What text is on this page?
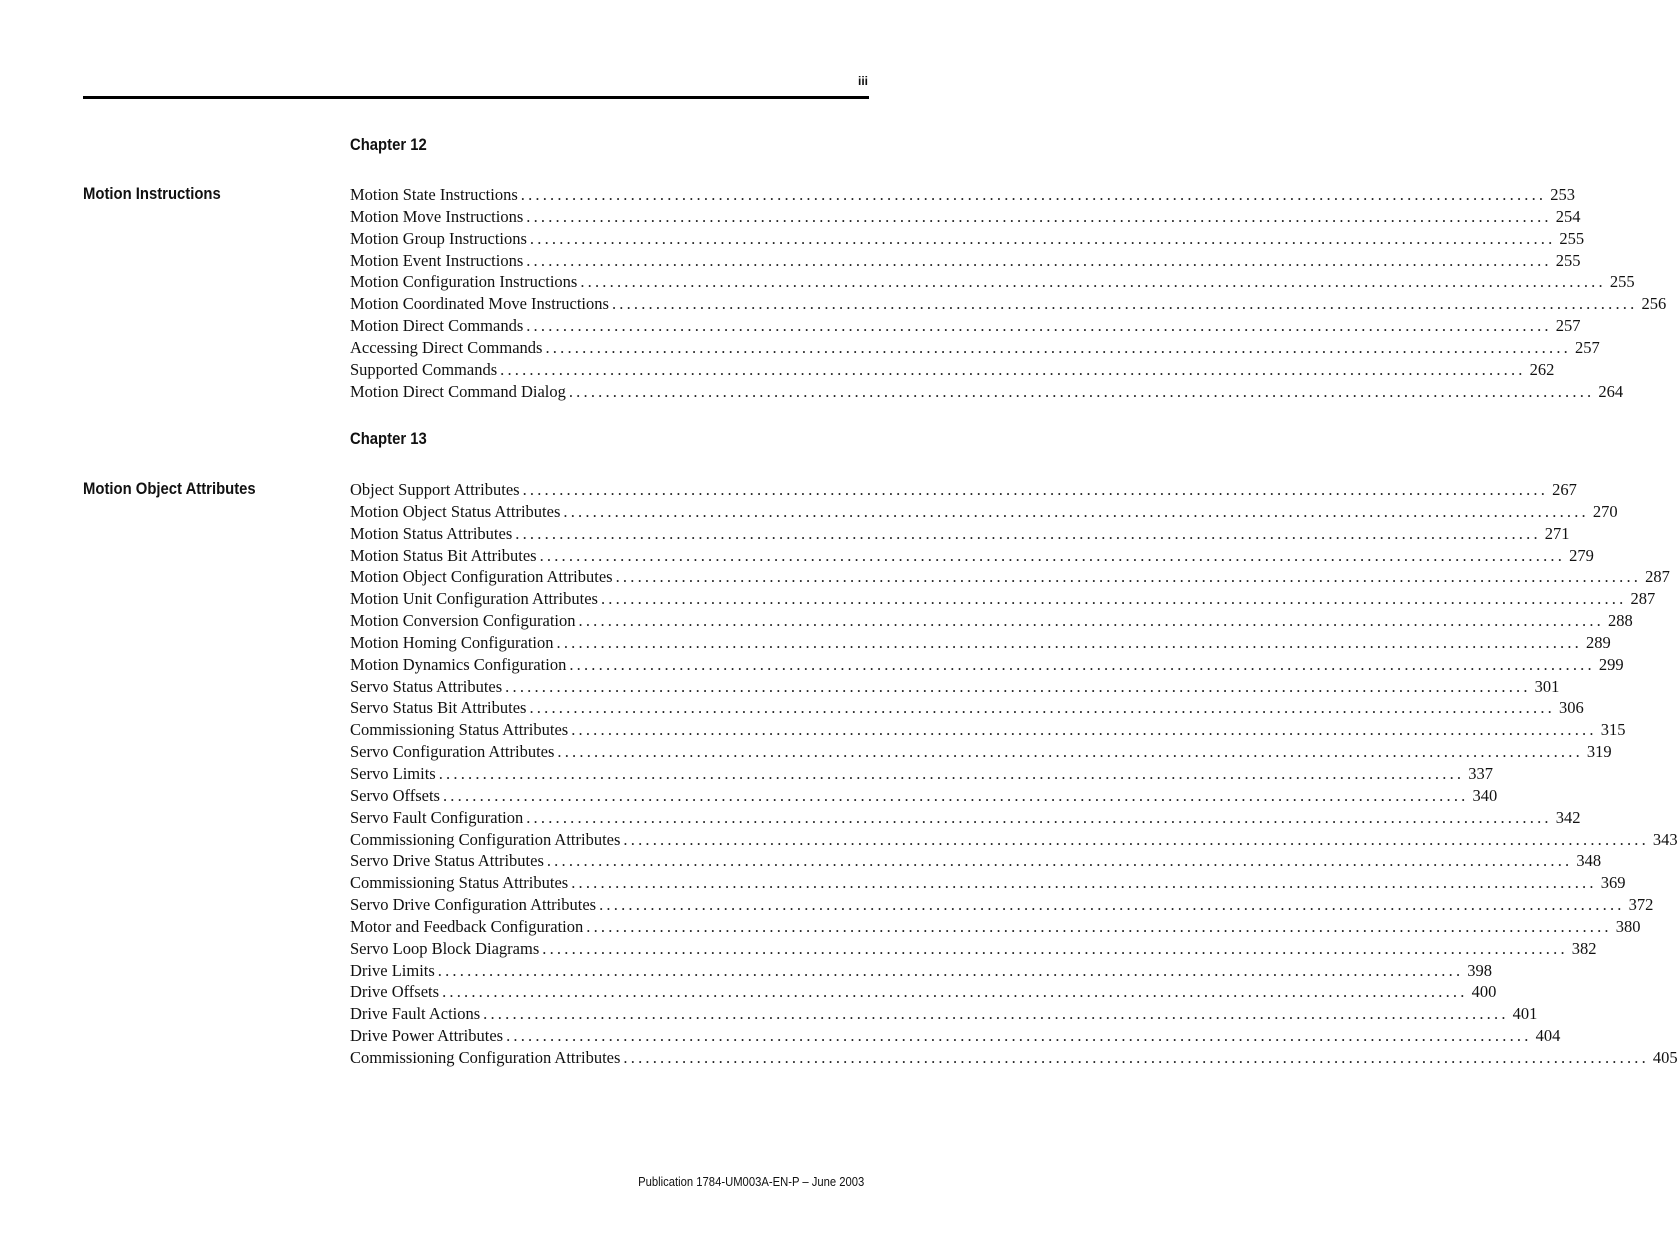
iii
Chapter 12
Motion Instructions	Motion State Instructions ............................................................................................................................................ 253
Motion Move Instructions ............................................................................................................................................ 254
Motion Group Instructions ............................................................................................................................................ 255
Motion Event Instructions ............................................................................................................................................ 255
Motion Configuration Instructions ............................................................................................................................................ 255
Motion Coordinated Move Instructions ............................................................................................................................................ 256
Motion Direct Commands ............................................................................................................................................ 257
Accessing Direct Commands ............................................................................................................................................ 257
Supported Commands ............................................................................................................................................ 262
Motion Direct Command Dialog ............................................................................................................................................ 264
Chapter 13
Motion Object Attributes	Object Support Attributes ............................................................................................................................................ 267
Motion Object Status Attributes ............................................................................................................................................ 270
Motion Status Attributes ............................................................................................................................................ 271
Motion Status Bit Attributes ............................................................................................................................................ 279
Motion Object Configuration Attributes ............................................................................................................................................ 287
Motion Unit Configuration Attributes ............................................................................................................................................ 287
Motion Conversion Configuration ............................................................................................................................................ 288
Motion Homing Configuration ............................................................................................................................................ 289
Motion Dynamics Configuration ............................................................................................................................................ 299
Servo Status Attributes ............................................................................................................................................ 301
Servo Status Bit Attributes ............................................................................................................................................ 306
Commissioning Status Attributes ............................................................................................................................................ 315
Servo Configuration Attributes ............................................................................................................................................ 319
Servo Limits ............................................................................................................................................ 337
Servo Offsets ............................................................................................................................................ 340
Servo Fault Configuration ............................................................................................................................................ 342
Commissioning Configuration Attributes ............................................................................................................................................ 343
Servo Drive Status Attributes ............................................................................................................................................ 348
Commissioning Status Attributes ............................................................................................................................................ 369
Servo Drive Configuration Attributes ............................................................................................................................................ 372
Motor and Feedback Configuration ............................................................................................................................................ 380
Servo Loop Block Diagrams ............................................................................................................................................ 382
Drive Limits ............................................................................................................................................ 398
Drive Offsets ............................................................................................................................................ 400
Drive Fault Actions ............................................................................................................................................ 401
Drive Power Attributes ............................................................................................................................................ 404
Commissioning Configuration Attributes ............................................................................................................................................ 405
Publication 1784-UM003A-EN-P – June 2003
